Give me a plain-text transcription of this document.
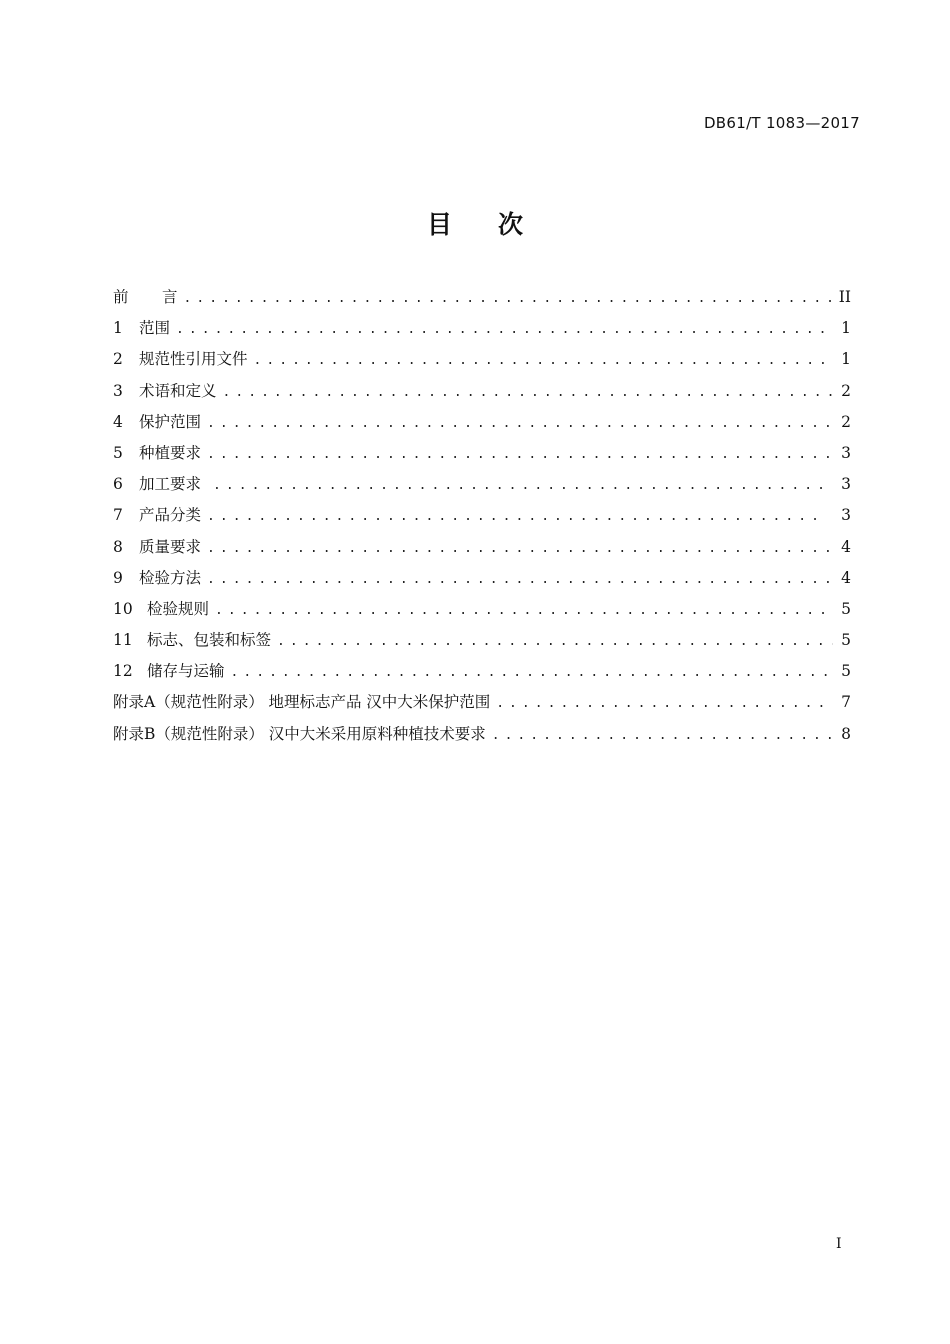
DB61/T 1083—2017
目 次
前	言 . . .	II
1	范围 . . .	1
2	规范性引用文件 . . .	1
3	术语和定义 . . .	2
4	保护范围 . . .	2
5	种植要求 . . .	3
6	加工要求 . . .	3
7	产品分类 . . .	3
8	质量要求 . . .	4
9	检验方法 . . .	4
10 检验规则 . . .	5
11 标志、包装和标签 . . .	5
12 储存与运输 . . .	5
附录A（规范性附录） 地理标志产品 汉中大米保护范围 . . .	7
附录B（规范性附录） 汉中大米采用原料种植技术要求 . . .	8
I
